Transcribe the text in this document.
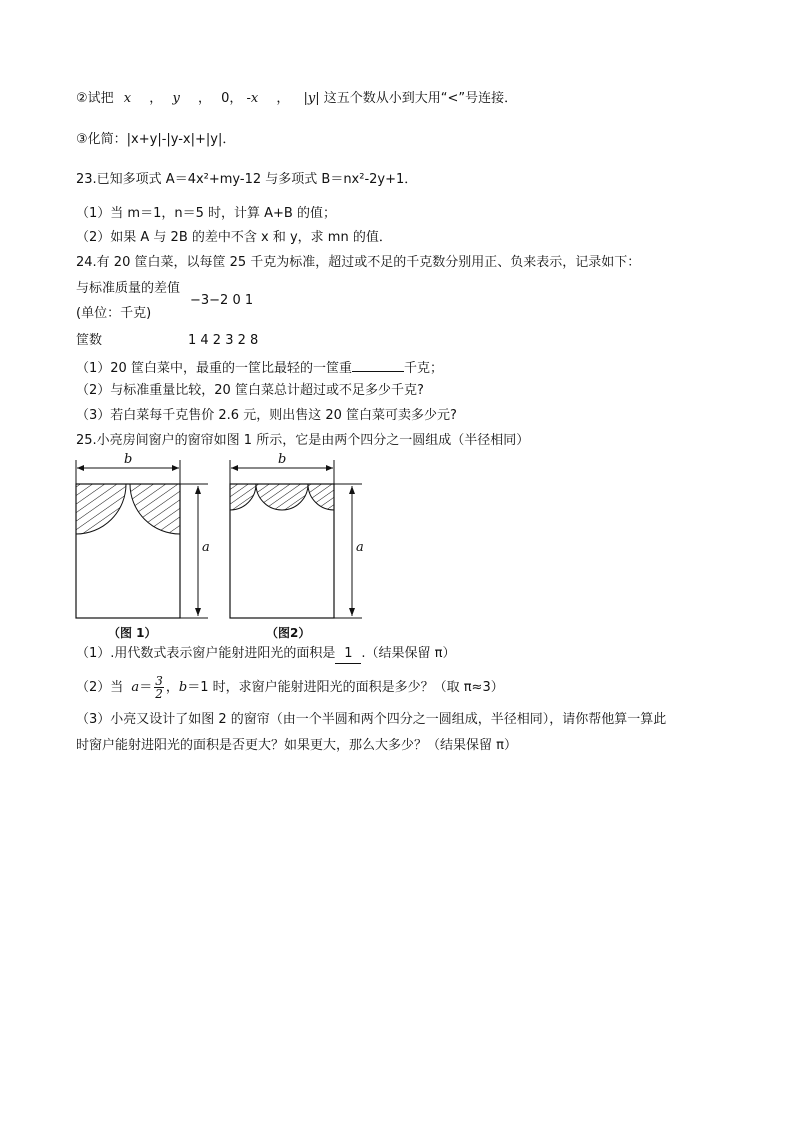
②试把 x ， y ， 0， -x ， |y| 这五个数从小到大用“<”号连接．
③化简：|x+y|-|y-x|+|y|．
23.已知多项式 A＝4x²+my-12 与多项式 B＝nx²-2y+1．
（1）当 m＝1，n＝5 时，计算 A+B 的值；
（2）如果 A 与 2B 的差中不含 x 和 y，求 mn 的值．
24.有 20 筐白菜，以每筐 25 千克为标准，超过或不足的千克数分别用正、负来表示，记录如下：
与标准质量的差值
−3−2 0 1
(单位：千克)
筐数	1 4 2 3 2 8
（1）20 筐白菜中，最重的一筐比最轻的一筐重	千克；
（2）与标准重量比较，20 筐白菜总计超过或不足多少千克?
（3）若白菜每千克售价 2.6 元，则出售这 20 筐白菜可卖多少元?
25.小亮房间窗户的窗帘如图 1 所示，它是由两个四分之一圆组成（半径相同）
b
a
（图 1）
b
a
（图2）
（1）.用代数式表示窗户能射进阳光的面积是 1 .（结果保留 π）
（2）当 $a= \frac{3}{2}$ ，b＝1 时，求窗户能射进阳光的面积是多少？（取 π≈3）
（3）小亮又设计了如图 2 的窗帘（由一个半圆和两个四分之一圆组成，半径相同），请你帮他算一算此
时窗户能射进阳光的面积是否更大？如果更大，那么大多少？（结果保留 π）
